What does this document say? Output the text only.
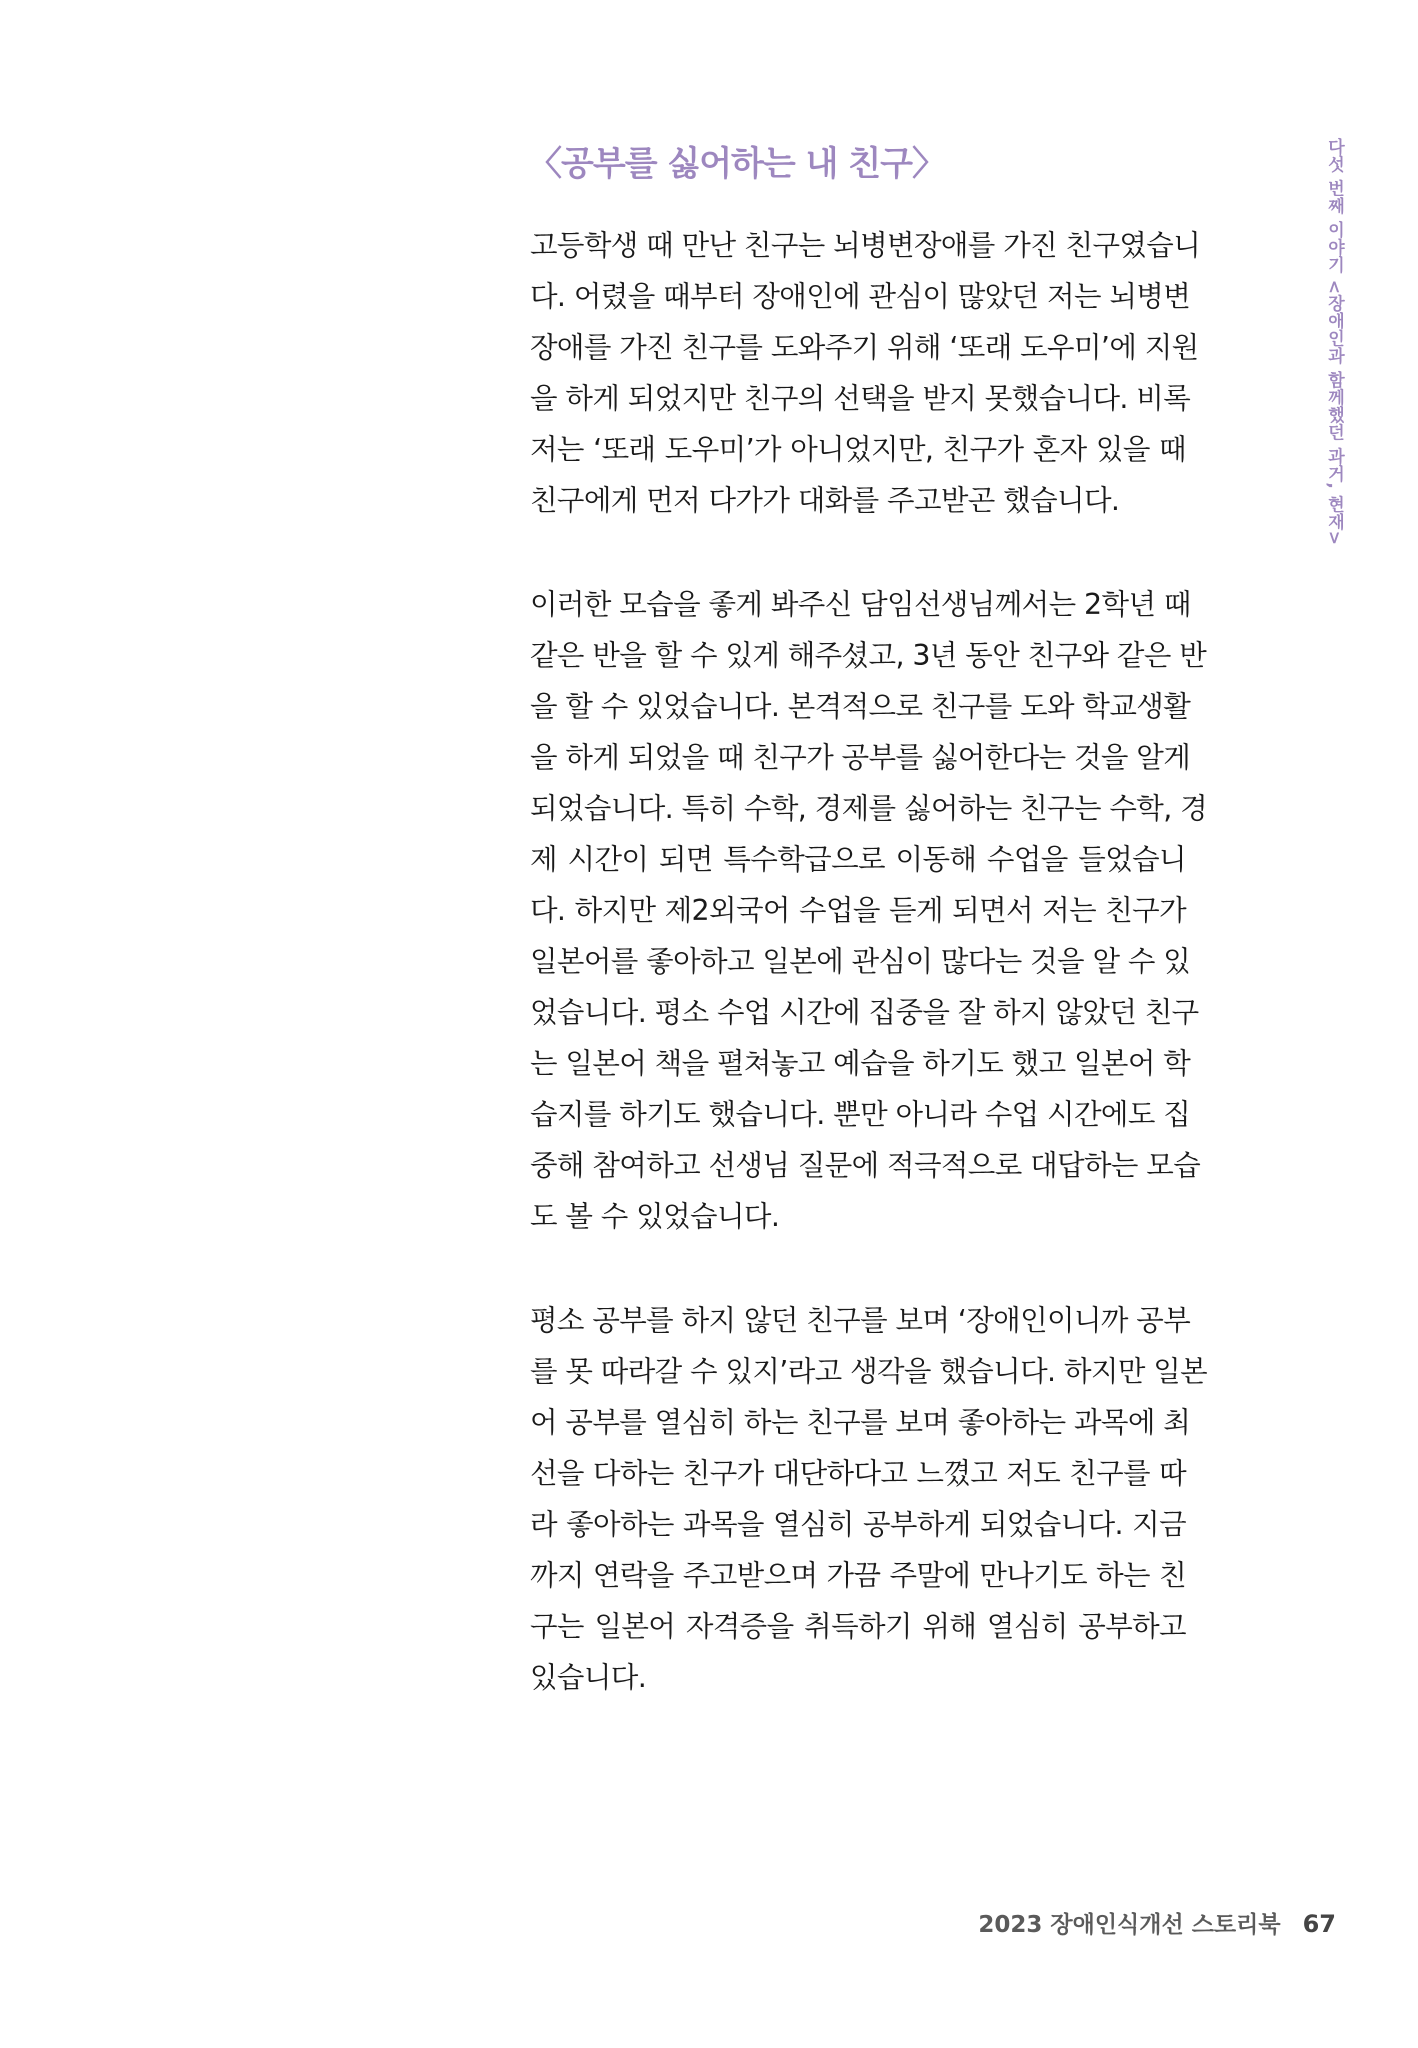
〈공부를 싫어하는 내 친구〉	다섯 번째 이야기 <장애인과 함께했던 과거, 현재>
고등학생 때 만난 친구는 뇌병변장애를 가진 친구였습니
다. 어렸을 때부터 장애인에 관심이 많았던 저는 뇌병변
장애를 가진 친구를 도와주기 위해 ‘또래 도우미’에 지원
을 하게 되었지만 친구의 선택을 받지 못했습니다. 비록
저는 ‘또래 도우미’가 아니었지만, 친구가 혼자 있을 때
친구에게 먼저 다가가 대화를 주고받곤 했습니다.
이러한 모습을 좋게 봐주신 담임선생님께서는 2학년 때
같은 반을 할 수 있게 해주셨고, 3년 동안 친구와 같은 반
을 할 수 있었습니다. 본격적으로 친구를 도와 학교생활
을 하게 되었을 때 친구가 공부를 싫어한다는 것을 알게
되었습니다. 특히 수학, 경제를 싫어하는 친구는 수학, 경
제 시간이 되면 특수학급으로 이동해 수업을 들었습니
다. 하지만 제2외국어 수업을 듣게 되면서 저는 친구가
일본어를 좋아하고 일본에 관심이 많다는 것을 알 수 있
었습니다. 평소 수업 시간에 집중을 잘 하지 않았던 친구
는 일본어 책을 펼쳐놓고 예습을 하기도 했고 일본어 학
습지를 하기도 했습니다. 뿐만 아니라 수업 시간에도 집
중해 참여하고 선생님 질문에 적극적으로 대답하는 모습
도 볼 수 있었습니다.
평소 공부를 하지 않던 친구를 보며 ‘장애인이니까 공부
를 못 따라갈 수 있지’라고 생각을 했습니다. 하지만 일본
어 공부를 열심히 하는 친구를 보며 좋아하는 과목에 최
선을 다하는 친구가 대단하다고 느꼈고 저도 친구를 따
라 좋아하는 과목을 열심히 공부하게 되었습니다. 지금
까지 연락을 주고받으며 가끔 주말에 만나기도 하는 친
구는 일본어 자격증을 취득하기 위해 열심히 공부하고
있습니다.
2023 장애인식개선 스토리북 67
